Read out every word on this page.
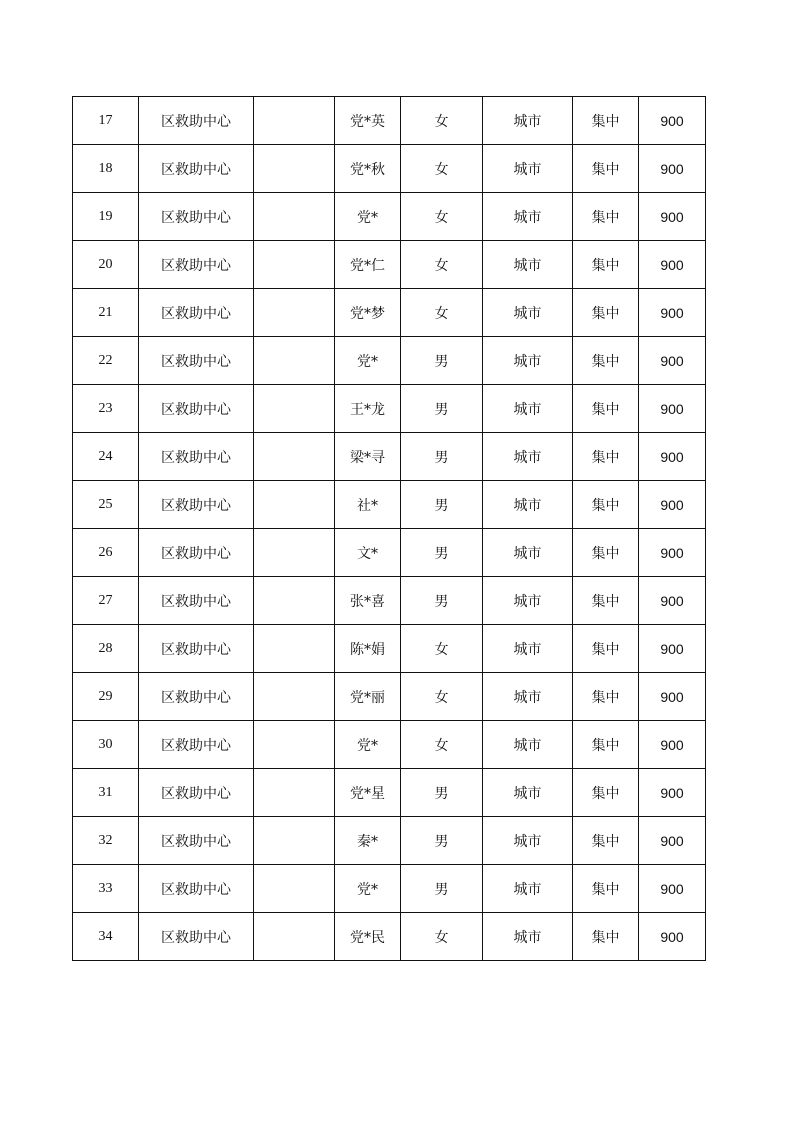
17	区救助中心		党*英	女	城市	集中	900
18	区救助中心		党*秋	女	城市	集中	900
19	区救助中心		党*	女	城市	集中	900
20	区救助中心		党*仁	女	城市	集中	900
21	区救助中心		党*梦	女	城市	集中	900
22	区救助中心		党*	男	城市	集中	900
23	区救助中心		王*龙	男	城市	集中	900
24	区救助中心		梁*寻	男	城市	集中	900
25	区救助中心		社*	男	城市	集中	900
26	区救助中心		文*	男	城市	集中	900
27	区救助中心		张*喜	男	城市	集中	900
28	区救助中心		陈*娟	女	城市	集中	900
29	区救助中心		党*丽	女	城市	集中	900
30	区救助中心		党*	女	城市	集中	900
31	区救助中心		党*星	男	城市	集中	900
32	区救助中心		秦*	男	城市	集中	900
33	区救助中心		党*	男	城市	集中	900
34	区救助中心		党*民	女	城市	集中	900
